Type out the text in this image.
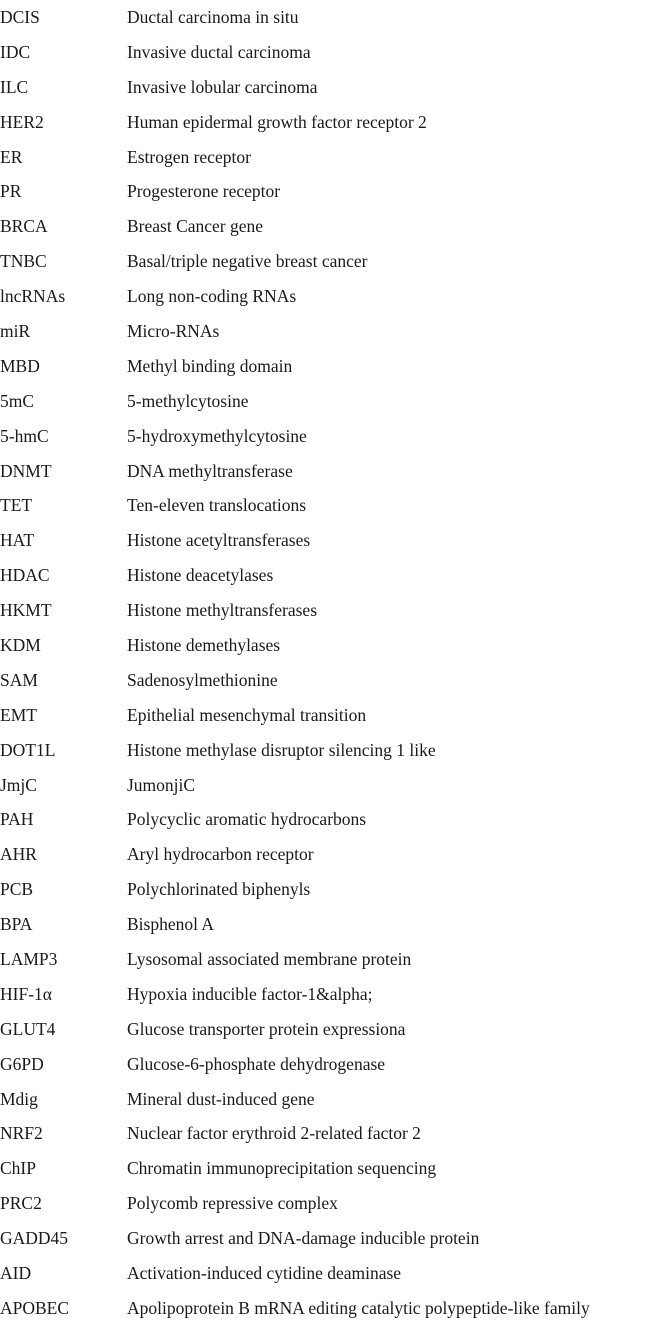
DCIS	Ductal carcinoma in situ
IDC	Invasive ductal carcinoma
ILC	Invasive lobular carcinoma
HER2	Human epidermal growth factor receptor 2
ER	Estrogen receptor
PR	Progesterone receptor
BRCA	Breast Cancer gene
TNBC	Basal/triple negative breast cancer
lncRNAs	Long non-coding RNAs
miR	Micro-RNAs
MBD	Methyl binding domain
5mC	5-methylcytosine
5-hmC	5-hydroxymethylcytosine
DNMT	DNA methyltransferase
TET	Ten-eleven translocations
HAT	Histone acetyltransferases
HDAC	Histone deacetylases
HKMT	Histone methyltransferases
KDM	Histone demethylases
SAM	Sadenosylmethionine
EMT	Epithelial mesenchymal transition
DOT1L	Histone methylase disruptor silencing 1 like
JmjC	JumonjiC
PAH	Polycyclic aromatic hydrocarbons
AHR	Aryl hydrocarbon receptor
PCB	Polychlorinated biphenyls
BPA	Bisphenol A
LAMP3	Lysosomal associated membrane protein
HIF-1α	Hypoxia inducible factor-1&alpha;
GLUT4	Glucose transporter protein expressiona
G6PD	Glucose-6-phosphate dehydrogenase
Mdig	Mineral dust-induced gene
NRF2	Nuclear factor erythroid 2-related factor 2
ChIP	Chromatin immunoprecipitation sequencing
PRC2	Polycomb repressive complex
GADD45	Growth arrest and DNA-damage inducible protein
AID	Activation-induced cytidine deaminase
APOBEC	Apolipoprotein B mRNA editing catalytic polypeptide-like family
